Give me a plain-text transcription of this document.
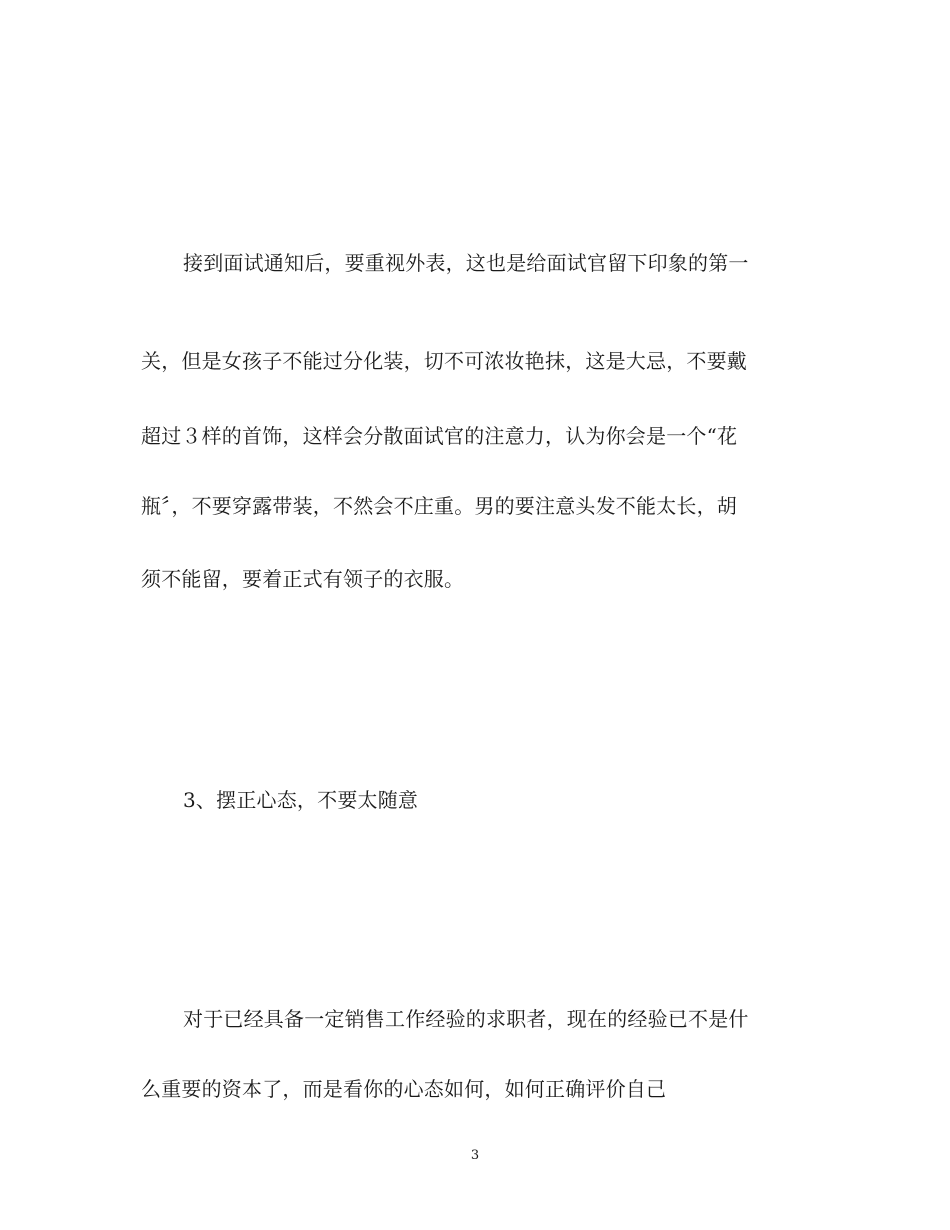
接到面试通知后，要重视外表，这也是给面试官留下印象的第一
关，但是女孩子不能过分化装，切不可浓妆艳抹，这是大忌，不要戴
超过３样的首饰，这样会分散面试官的注意力，认为你会是一个“花
瓶〞，不要穿露带装，不然会不庄重。男的要注意头发不能太长，胡
须不能留，要着正式有领子的衣服。
3、摆正心态，不要太随意
对于已经具备一定销售工作经验的求职者，现在的经验已不是什
么重要的资本了，而是看你的心态如何，如何正确评价自己
3
